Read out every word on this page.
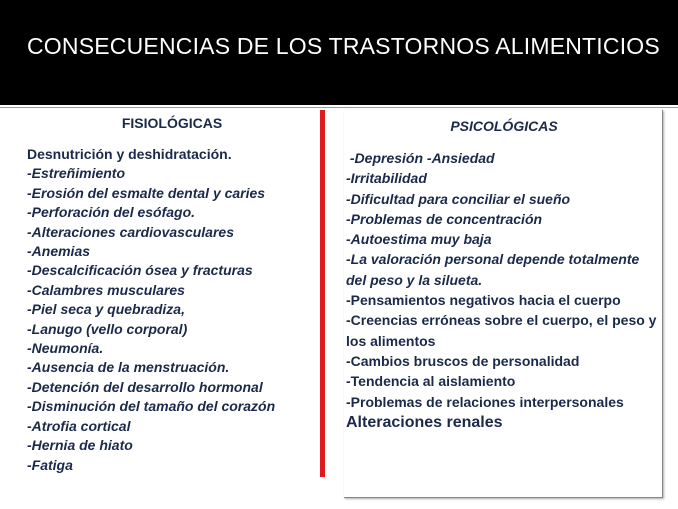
CONSECUENCIAS DE LOS TRASTORNOS ALIMENTICIOS
FISIOLÓGICAS
Desnutrición y deshidratación.
-Estreñimiento
-Erosión del esmalte dental y caries
-Perforación del esófago.
-Alteraciones cardiovasculares
-Anemias
-Descalcificación ósea y fracturas
-Calambres musculares
-Piel seca y quebradiza,
-Lanugo (vello corporal)
-Neumonía.
-Ausencia de la menstruación.
-Detención del desarrollo hormonal
-Disminución del tamaño del corazón
-Atrofia cortical
-Hernia de hiato
-Fatiga
PSICOLÓGICAS
-Depresión -Ansiedad
-Irritabilidad
-Dificultad para conciliar el sueño
-Problemas de concentración
-Autoestima muy baja
-La valoración personal depende totalmente del peso y la silueta.
-Pensamientos negativos hacia el cuerpo
-Creencias erróneas sobre el cuerpo, el peso y los alimentos
-Cambios bruscos de personalidad
-Tendencia al aislamiento
-Problemas de relaciones interpersonales
Alteraciones renales
